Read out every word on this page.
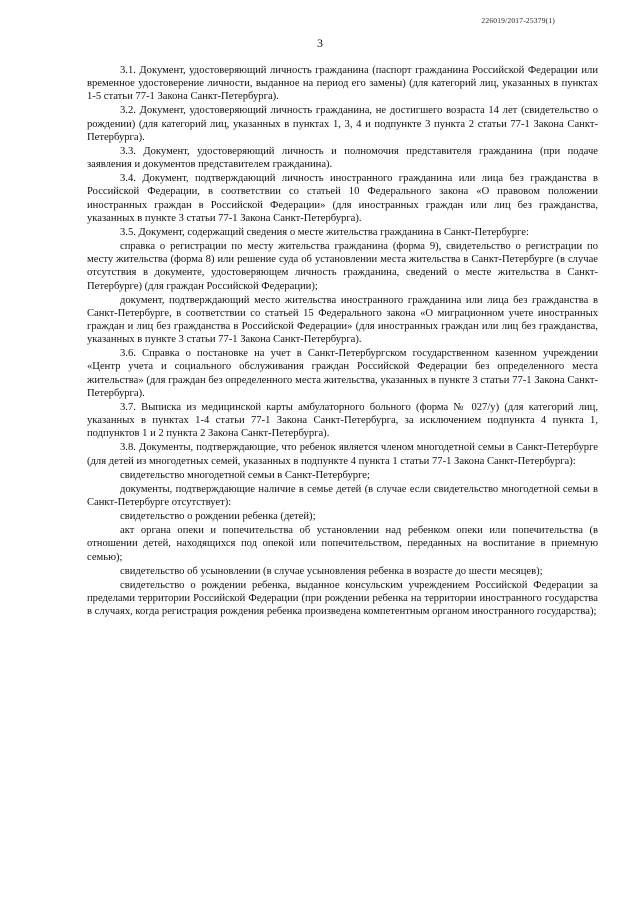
226019/2017-25379(1)
3

3.1. Документ, удостоверяющий личность гражданина (паспорт гражданина Российской Федерации или временное удостоверение личности, выданное на период его замены) (для категорий лиц, указанных в пунктах 1-5 статьи 77-1 Закона Санкт-Петербурга).

3.2. Документ, удостоверяющий личность гражданина, не достигшего возраста 14 лет (свидетельство о рождении) (для категорий лиц, указанных в пунктах 1, 3, 4 и подпункте 3 пункта 2 статьи 77-1 Закона Санкт-Петербурга).

3.3. Документ, удостоверяющий личность и полномочия представителя гражданина (при подаче заявления и документов представителем гражданина).

3.4. Документ, подтверждающий личность иностранного гражданина или лица без гражданства в Российской Федерации, в соответствии со статьей 10 Федерального закона «О правовом положении иностранных граждан в Российской Федерации» (для иностранных граждан или лиц без гражданства, указанных в пункте 3 статьи 77-1 Закона Санкт-Петербурга).

3.5. Документ, содержащий сведения о месте жительства гражданина в Санкт-Петербурге:

справка о регистрации по месту жительства гражданина (форма 9), свидетельство о регистрации по месту жительства (форма 8) или решение суда об установлении места жительства в Санкт-Петербурге (в случае отсутствия в документе, удостоверяющем личность гражданина, сведений о месте жительства в Санкт-Петербурге) (для граждан Российской Федерации);

документ, подтверждающий место жительства иностранного гражданина или лица без гражданства в Санкт-Петербурге, в соответствии со статьей 15 Федерального закона «О миграционном учете иностранных граждан и лиц без гражданства в Российской Федерации» (для иностранных граждан или лиц без гражданства, указанных в пункте 3 статьи 77-1 Закона Санкт-Петербурга).

3.6. Справка о постановке на учет в Санкт-Петербургском государственном казенном учреждении «Центр учета и социального обслуживания граждан Российской Федерации без определенного места жительства» (для граждан без определенного места жительства, указанных в пункте 3 статьи 77-1 Закона Санкт-Петербурга).

3.7. Выписка из медицинской карты амбулаторного больного (форма № 027/у) (для категорий лиц, указанных в пунктах 1-4 статьи 77-1 Закона Санкт-Петербурга, за исключением подпункта 4 пункта 1, подпунктов 1 и 2 пункта 2 Закона Санкт-Петербурга).

3.8. Документы, подтверждающие, что ребенок является членом многодетной семьи в Санкт-Петербурге (для детей из многодетных семей, указанных в подпункте 4 пункта 1 статьи 77-1 Закона Санкт-Петербурга):

свидетельство многодетной семьи в Санкт-Петербурге;

документы, подтверждающие наличие в семье детей (в случае если свидетельство многодетной семьи в Санкт-Петербурге отсутствует):

свидетельство о рождении ребенка (детей);

акт органа опеки и попечительства об установлении над ребенком опеки или попечительства (в отношении детей, находящихся под опекой или попечительством, переданных на воспитание в приемную семью);

свидетельство об усыновлении (в случае усыновления ребенка в возрасте до шести месяцев);

свидетельство о рождении ребенка, выданное консульским учреждением Российской Федерации за пределами территории Российской Федерации (при рождении ребенка на территории иностранного государства в случаях, когда регистрация рождения ребенка произведена компетентным органом иностранного государства);
